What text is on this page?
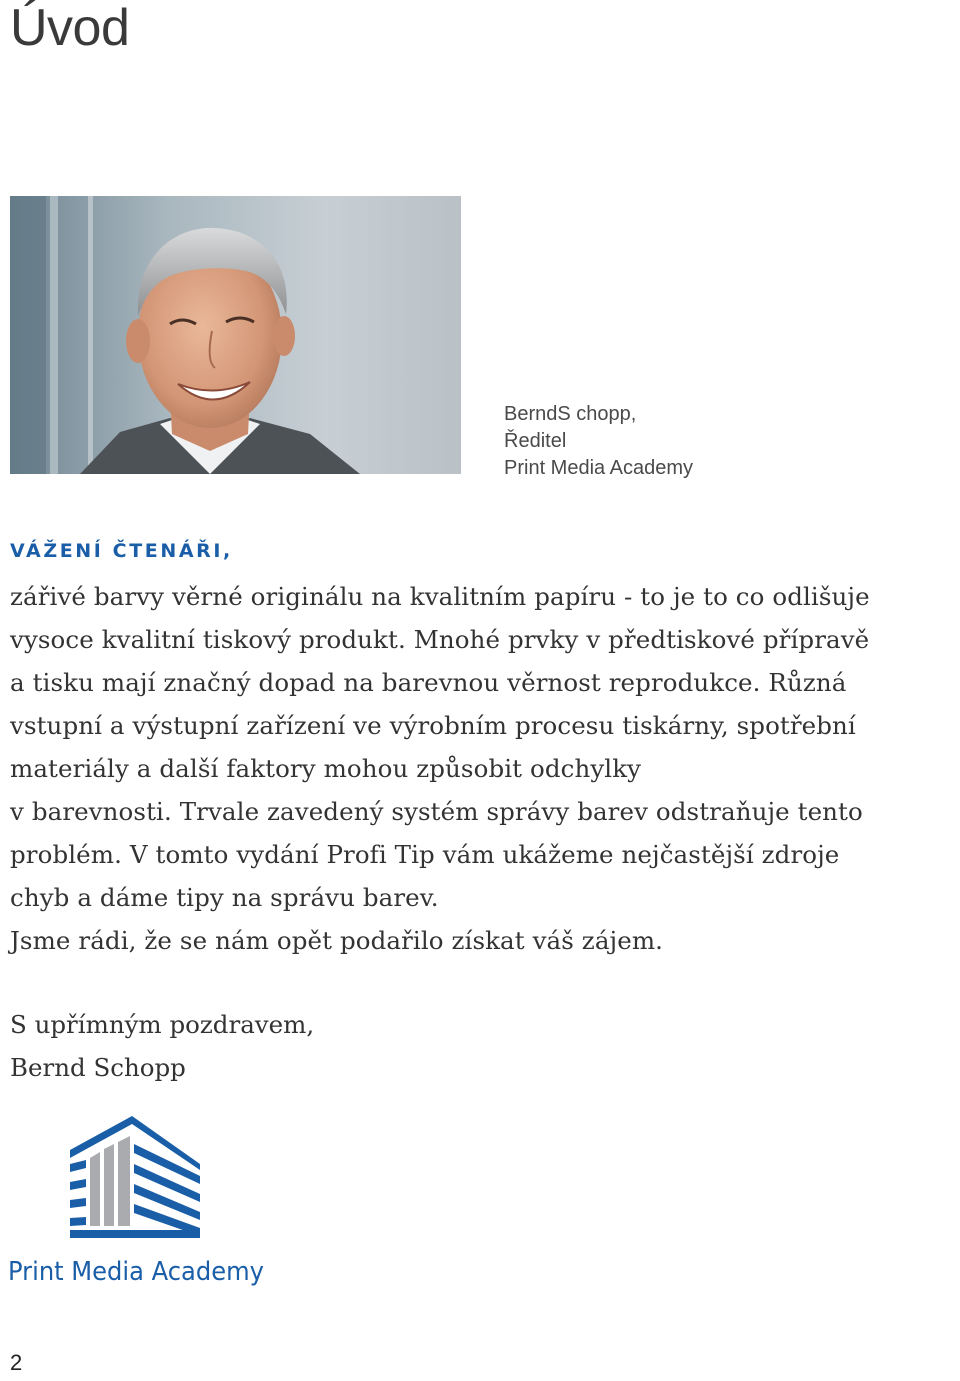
Úvod
BerndS chopp,
Ředitel
Print Media Academy
VÁŽENÍ ČTENÁŘI,
zářivé barvy věrné originálu na kvalitním papíru - to je to co odlišuje
vysoce kvalitní tiskový produkt. Mnohé prvky v předtiskové přípravě
a tisku mají značný dopad na barevnou věrnost reprodukce. Různá
vstupní a výstupní zařízení ve výrobním procesu tiskárny, spotřební
materiály a další faktory mohou způsobit odchylky
v barevnosti. Trvale zavedený systém správy barev odstraňuje tento
problém. V tomto vydání Profi Tip vám ukážeme nejčastější zdroje
chyb a dáme tipy na správu barev.
Jsme rádi, že se nám opět podařilo získat váš zájem.
S upřímným pozdravem,
Bernd Schopp
Print Media Academy
2
